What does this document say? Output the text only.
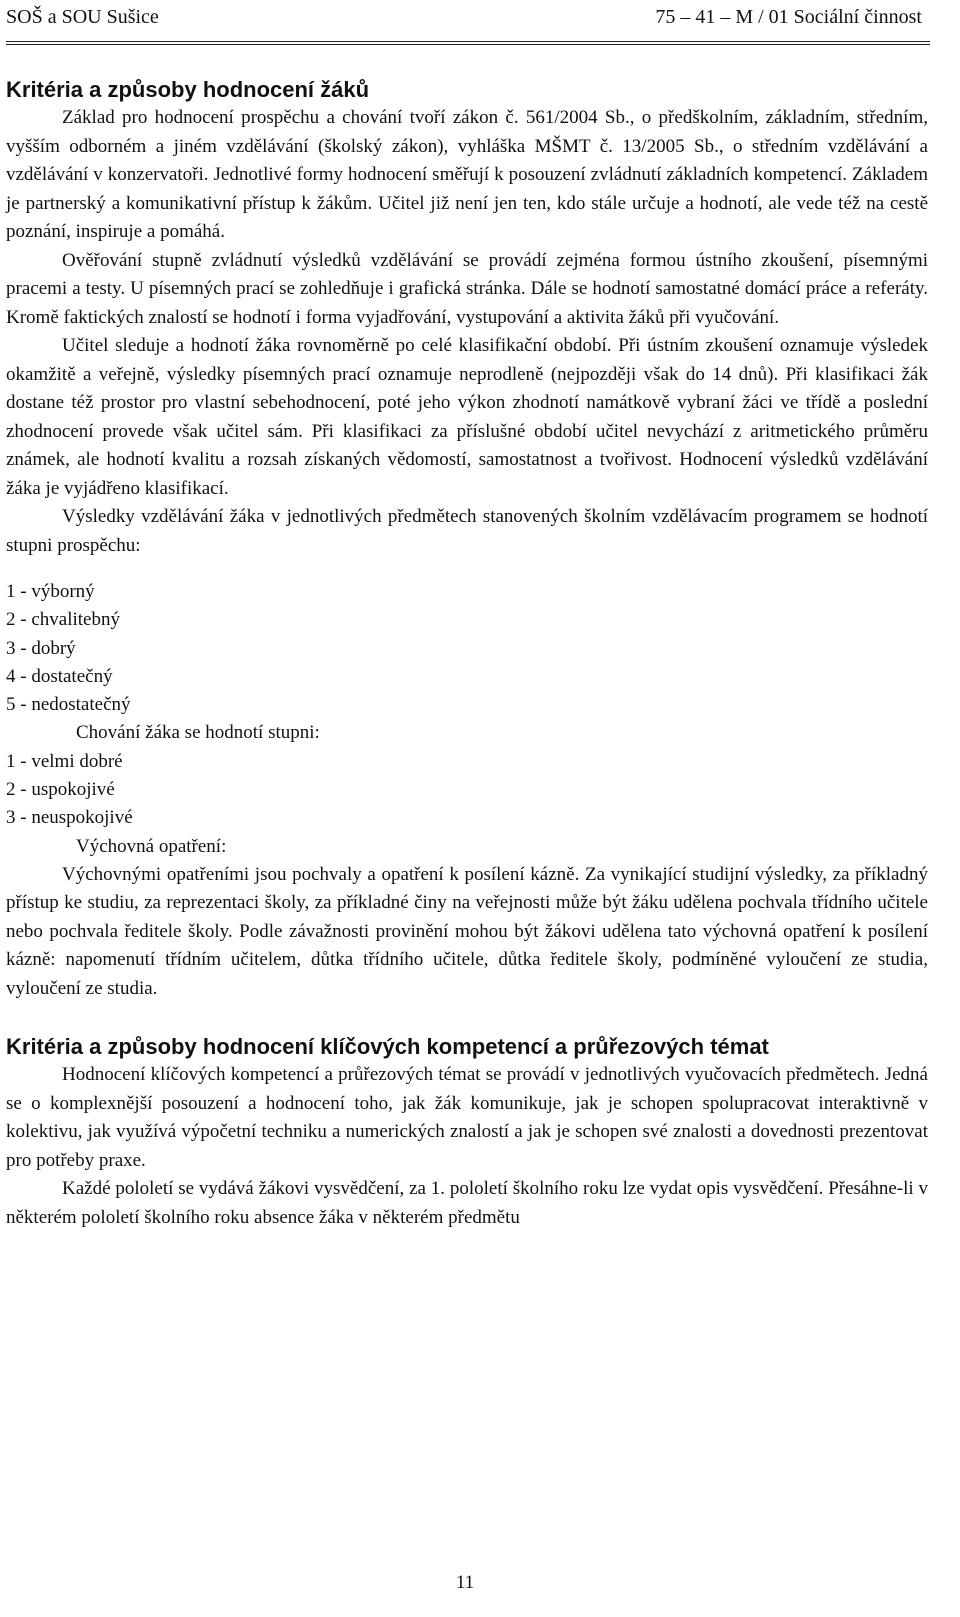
SOŠ a SOU Sušice	75 – 41 – M / 01 Sociální činnost
Kritéria a způsoby hodnocení žáků

Základ pro hodnocení prospěchu a chování tvoří zákon č. 561/2004 Sb., o předškolním, základním, středním, vyšším odborném a jiném vzdělávání (školský zákon), vyhláška MŠMT č. 13/2005 Sb., o středním vzdělávání a vzdělávání v konzervatoři. Jednotlivé formy hodnocení směřují k posouzení zvládnutí základních kompetencí. Základem je partnerský a komunikativní přístup k žákům. Učitel již není jen ten, kdo stále určuje a hodnotí, ale vede též na cestě poznání, inspiruje a pomáhá.

Ověřování stupně zvládnutí výsledků vzdělávání se provádí zejména formou ústního zkoušení, písemnými pracemi a testy. U písemných prací se zohledňuje i grafická stránka. Dále se hodnotí samostatné domácí práce a referáty. Kromě faktických znalostí se hodnotí i forma vyjadřování, vystupování a aktivita žáků při vyučování.

Učitel sleduje a hodnotí žáka rovnoměrně po celé klasifikační období. Při ústním zkoušení oznamuje výsledek okamžitě a veřejně, výsledky písemných prací oznamuje neprodleně (nejpozději však do 14 dnů). Při klasifikaci žák dostane též prostor pro vlastní sebehodnocení, poté jeho výkon zhodnotí namátkově vybraní žáci ve třídě a poslední zhodnocení provede však učitel sám. Při klasifikaci za příslušné období učitel nevychází z aritmetického průměru známek, ale hodnotí kvalitu a rozsah získaných vědomostí, samostatnost a tvořivost. Hodnocení výsledků vzdělávání žáka je vyjádřeno klasifikací.

Výsledky vzdělávání žáka v jednotlivých předmětech stanovených školním vzdělávacím programem se hodnotí stupni prospěchu:

1 - výborný
2 - chvalitebný
3 - dobrý
4 - dostatečný
5 - nedostatečný
Chování žáka se hodnotí stupni:
1 - velmi dobré
2 - uspokojivé
3 - neuspokojivé
Výchovná opatření:

Výchovnými opatřeními jsou pochvaly a opatření k posílení kázně. Za vynikající studijní výsledky, za příkladný přístup ke studiu, za reprezentaci školy, za příkladné činy na veřejnosti může být žáku udělena pochvala třídního učitele nebo pochvala ředitele školy. Podle závažnosti provinění mohou být žákovi udělena tato výchovná opatření k posílení kázně: napomenutí třídním učitelem, důtka třídního učitele, důtka ředitele školy, podmíněné vyloučení ze studia, vyloučení ze studia.

Kritéria a způsoby hodnocení klíčových kompetencí a průřezových témat

Hodnocení klíčových kompetencí a průřezových témat se provádí v jednotlivých vyučovacích předmětech. Jedná se o komplexnější posouzení a hodnocení toho, jak žák komunikuje, jak je schopen spolupracovat interaktivně v kolektivu, jak využívá výpočetní techniku a numerických znalostí a jak je schopen své znalosti a dovednosti prezentovat pro potřeby praxe.

Každé pololetí se vydává žákovi vysvědčení, za 1. pololetí školního roku lze vydat opis vysvědčení. Přesáhne-li v některém pololetí školního roku absence žáka v některém předmětu

11
